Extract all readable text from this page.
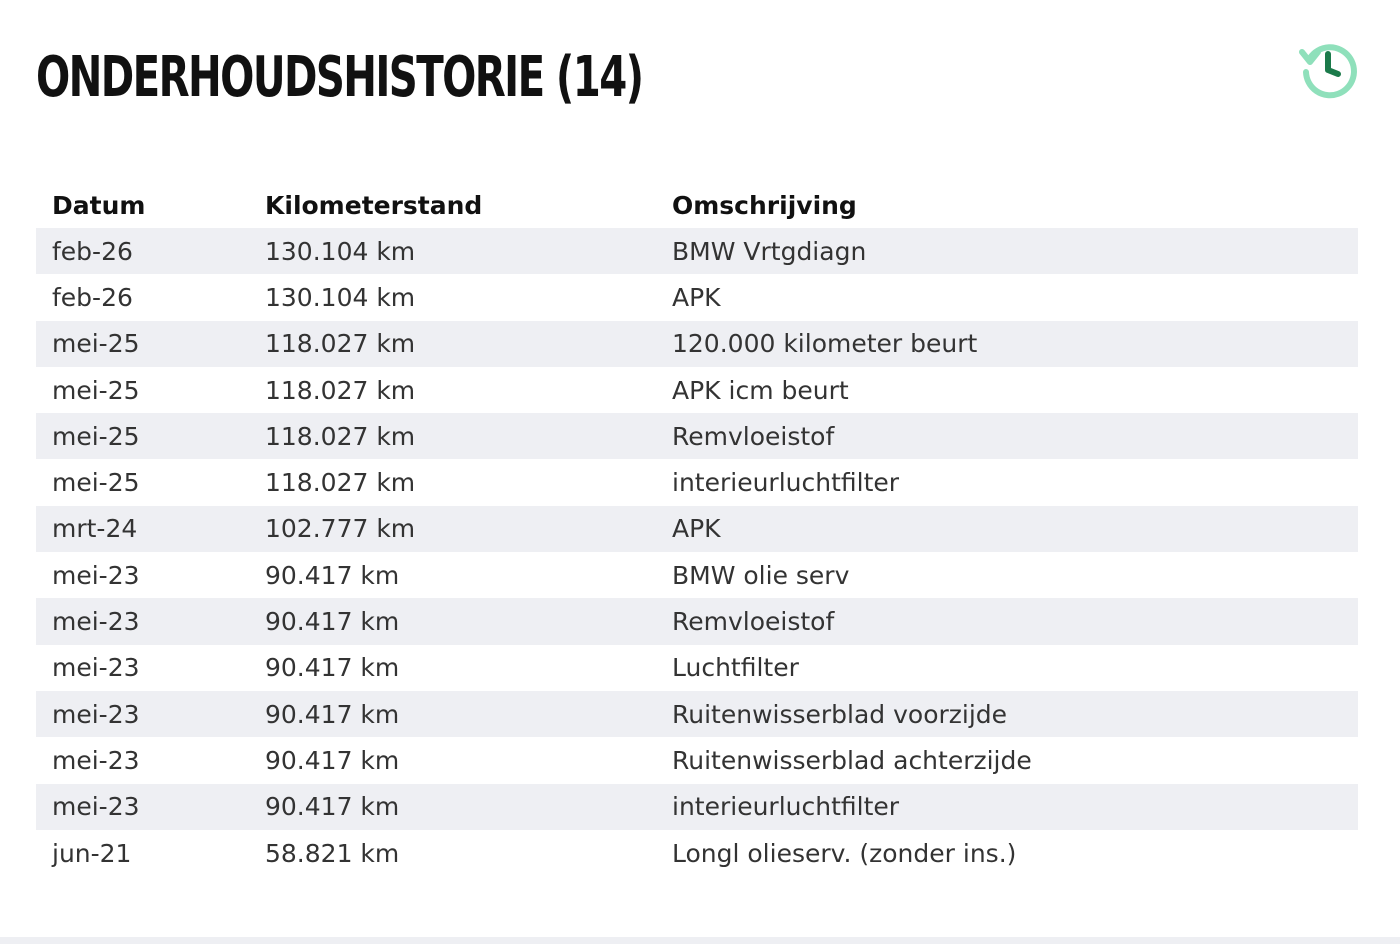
ONDERHOUDSHISTORIE (14)
Datum	Kilometerstand	Omschrijving
feb-26	130.104 km	BMW Vrtgdiagn
feb-26	130.104 km	APK
mei-25	118.027 km	120.000 kilometer beurt
mei-25	118.027 km	APK icm beurt
mei-25	118.027 km	Remvloeistof
mei-25	118.027 km	interieurluchtfilter
mrt-24	102.777 km	APK
mei-23	90.417 km	BMW olie serv
mei-23	90.417 km	Remvloeistof
mei-23	90.417 km	Luchtfilter
mei-23	90.417 km	Ruitenwisserblad voorzijde
mei-23	90.417 km	Ruitenwisserblad achterzijde
mei-23	90.417 km	interieurluchtfilter
jun-21	58.821 km	Longl olieserv. (zonder ins.)
